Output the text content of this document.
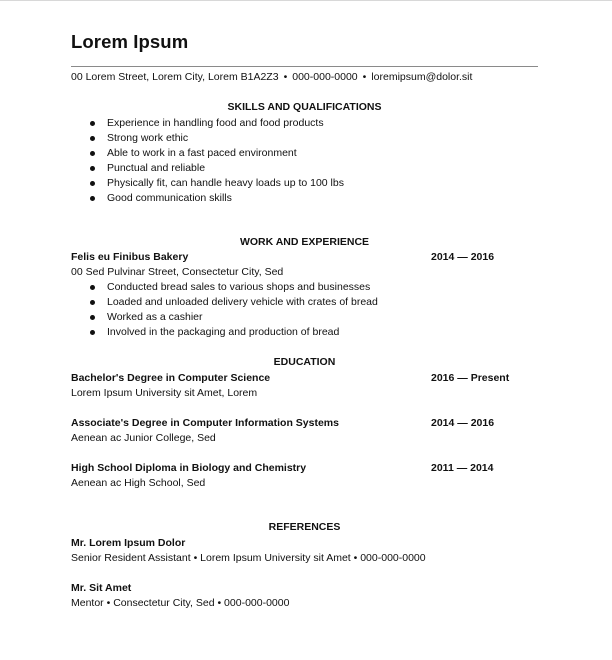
Lorem Ipsum
00 Lorem Street, Lorem City, Lorem B1A2Z3 • 000-000-0000 • loremipsum@dolor.sit
SKILLS AND QUALIFICATIONS
Experience in handling food and food products
Strong work ethic
Able to work in a fast paced environment
Punctual and reliable
Physically fit, can handle heavy loads up to 100 lbs
Good communication skills
WORK AND EXPERIENCE
Felis eu Finibus Bakery	2014 — 2016
00 Sed Pulvinar Street, Consectetur City, Sed
Conducted bread sales to various shops and businesses
Loaded and unloaded delivery vehicle with crates of bread
Worked as a cashier
Involved in the packaging and production of bread
EDUCATION
Bachelor's Degree in Computer Science	2016 — Present
Lorem Ipsum University sit Amet, Lorem
Associate's Degree in Computer Information Systems	2014 — 2016
Aenean ac Junior College, Sed
High School Diploma in Biology and Chemistry	2011 — 2014
Aenean ac High School, Sed
REFERENCES
Mr. Lorem Ipsum Dolor
Senior Resident Assistant • Lorem Ipsum University sit Amet • 000-000-0000
Mr. Sit Amet
Mentor • Consectetur City, Sed • 000-000-0000
